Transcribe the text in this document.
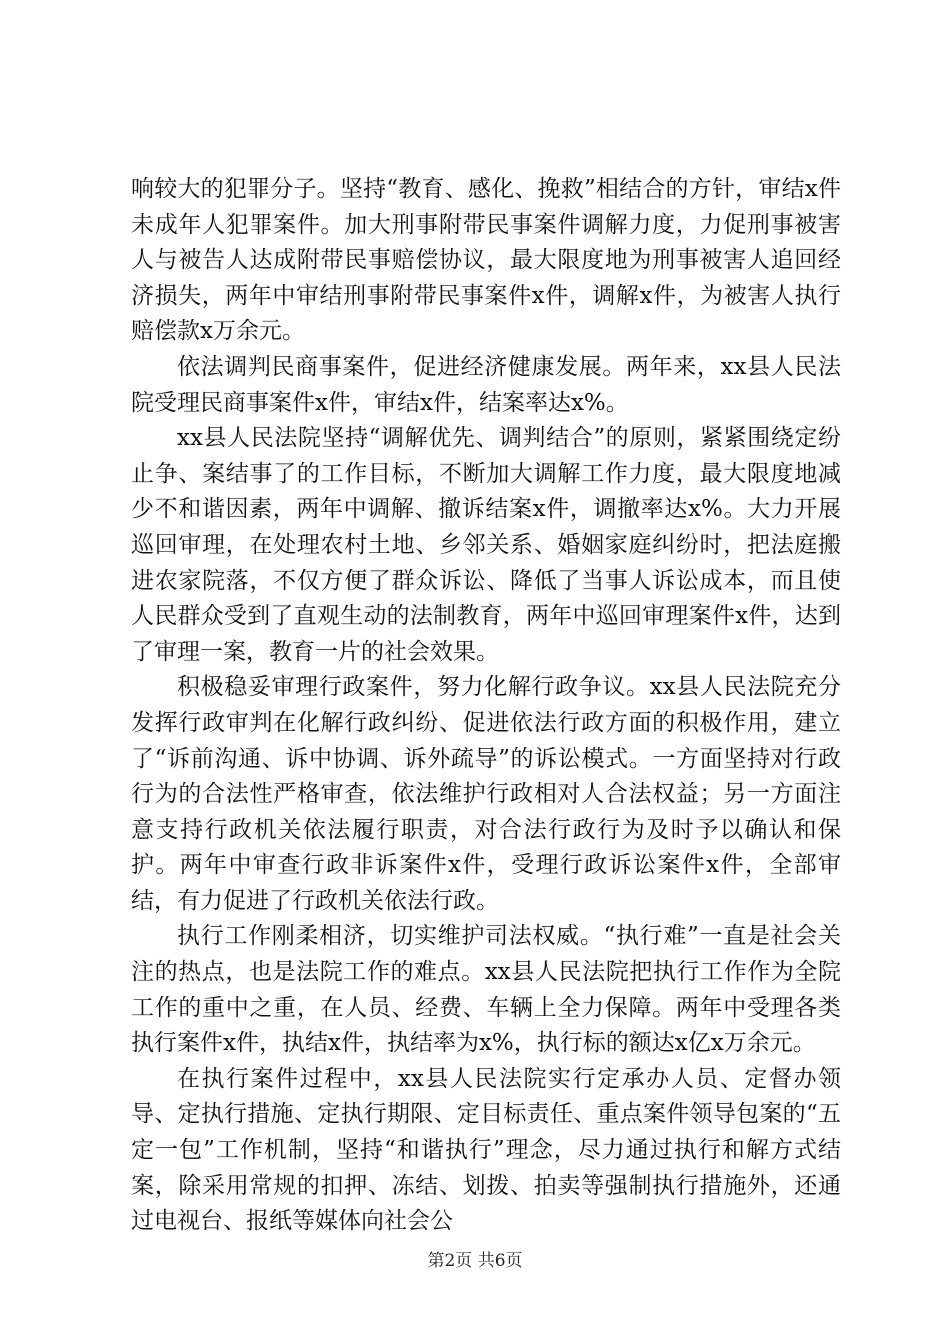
响较大的犯罪分子。坚持“教育、感化、挽救”相结合的方针，审结x件未成年人犯罪案件。加大刑事附带民事案件调解力度，力促刑事被害人与被告人达成附带民事赔偿协议，最大限度地为刑事被害人追回经济损失，两年中审结刑事附带民事案件x件，调解x件，为被害人执行赔偿款x万余元。

依法调判民商事案件，促进经济健康发展。两年来，xx县人民法院受理民商事案件x件，审结x件，结案率达x%。

xx县人民法院坚持“调解优先、调判结合”的原则，紧紧围绕定纷止争、案结事了的工作目标，不断加大调解工作力度，最大限度地减少不和谐因素，两年中调解、撤诉结案x件，调撤率达x%。大力开展巡回审理，在处理农村土地、乡邻关系、婚姻家庭纠纷时，把法庭搬进农家院落，不仅方便了群众诉讼、降低了当事人诉讼成本，而且使人民群众受到了直观生动的法制教育，两年中巡回审理案件x件，达到了审理一案，教育一片的社会效果。

积极稳妥审理行政案件，努力化解行政争议。xx县人民法院充分发挥行政审判在化解行政纠纷、促进依法行政方面的积极作用，建立了“诉前沟通、诉中协调、诉外疏导”的诉讼模式。一方面坚持对行政行为的合法性严格审查，依法维护行政相对人合法权益；另一方面注意支持行政机关依法履行职责，对合法行政行为及时予以确认和保护。两年中审查行政非诉案件x件，受理行政诉讼案件x件，全部审结，有力促进了行政机关依法行政。

执行工作刚柔相济，切实维护司法权威。“执行难”一直是社会关注的热点，也是法院工作的难点。xx县人民法院把执行工作作为全院工作的重中之重，在人员、经费、车辆上全力保障。两年中受理各类执行案件x件，执结x件，执结率为x%，执行标的额达x亿x万余元。

在执行案件过程中，xx县人民法院实行定承办人员、定督办领导、定执行措施、定执行期限、定目标责任、重点案件领导包案的“五定一包”工作机制，坚持“和谐执行”理念，尽力通过执行和解方式结案，除采用常规的扣押、冻结、划拨、拍卖等强制执行措施外，还通过电视台、报纸等媒体向社会公

第2页 共6页
